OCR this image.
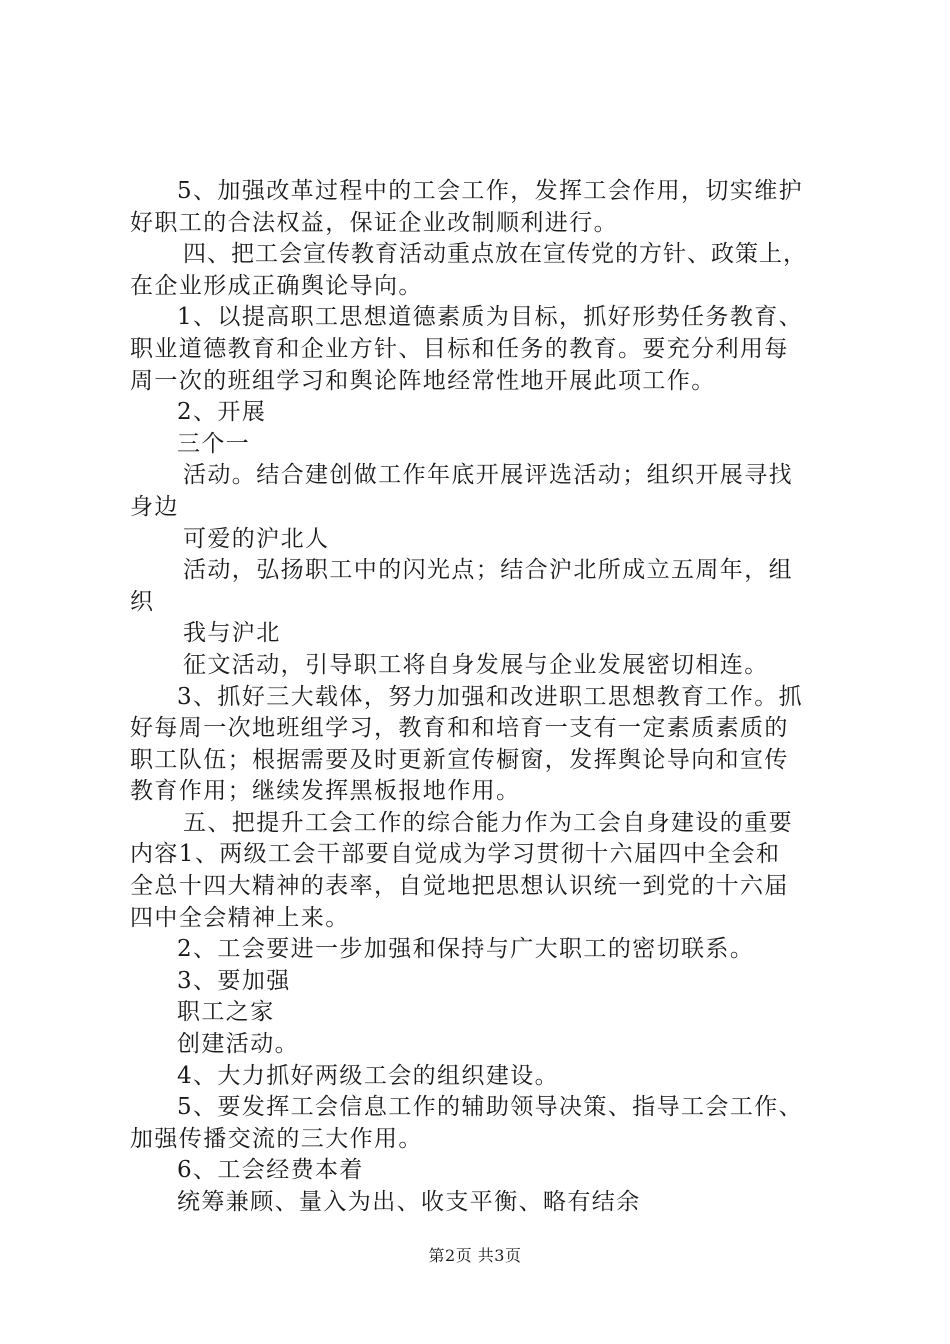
5、加强改革过程中的工会工作，发挥工会作用，切实维护
好职工的合法权益，保证企业改制顺利进行。
四、把工会宣传教育活动重点放在宣传党的方针、政策上，
在企业形成正确舆论导向。
1、以提高职工思想道德素质为目标，抓好形势任务教育、
职业道德教育和企业方针、目标和任务的教育。要充分利用每
周一次的班组学习和舆论阵地经常性地开展此项工作。
2、开展
三个一
活动。结合建创做工作年底开展评选活动；组织开展寻找
身边
可爱的沪北人
活动，弘扬职工中的闪光点；结合沪北所成立五周年，组
织
我与沪北
征文活动，引导职工将自身发展与企业发展密切相连。
3、抓好三大载体，努力加强和改进职工思想教育工作。抓
好每周一次地班组学习，教育和和培育一支有一定素质素质的
职工队伍；根据需要及时更新宣传橱窗，发挥舆论导向和宣传
教育作用；继续发挥黑板报地作用。
五、把提升工会工作的综合能力作为工会自身建设的重要
内容1、两级工会干部要自觉成为学习贯彻十六届四中全会和
全总十四大精神的表率，自觉地把思想认识统一到党的十六届
四中全会精神上来。
2、工会要进一步加强和保持与广大职工的密切联系。
3、要加强
职工之家
创建活动。
4、大力抓好两级工会的组织建设。
5、要发挥工会信息工作的辅助领导决策、指导工会工作、
加强传播交流的三大作用。
6、工会经费本着
统筹兼顾、量入为出、收支平衡、略有结余
第2页 共3页
